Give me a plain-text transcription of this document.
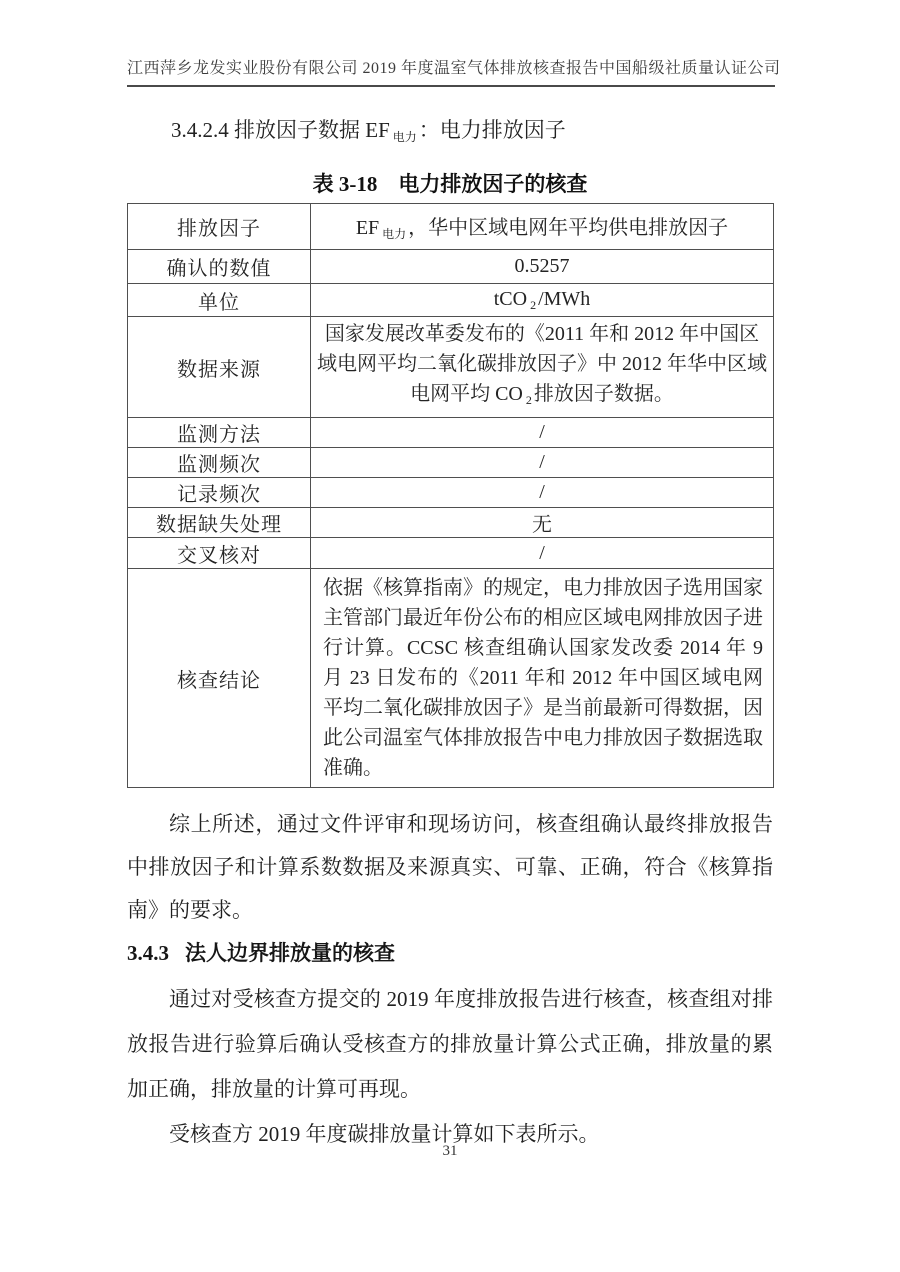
江西萍乡龙发实业股份有限公司 2019 年度温室气体排放核查报告中国船级社质量认证公司
3.4.2.4 排放因子数据 EF $_{电力}$：电力排放因子
表 3-18　电力排放因子的核查
排放因子	EF $_{电力}$ ，华中区域电网年平均供电排放因子
确认的数值	0.5257
单位	tCO $_2$ /MWh
数据来源	国家发展改革委发布的《2011 年和 2012 年中国区域电网平均二氧化碳排放因子》中 2012 年华中区域电网平均 CO $_2$ 排放因子数据。
监测方法	/
监测频次	/
记录频次	/
数据缺失处理	无
交叉核对	/
核查结论	依据《核算指南》的规定，电力排放因子选用国家主管部门最近年份公布的相应区域电网排放因子进行计算。CCSC 核查组确认国家发改委 2014 年 9 月 23 日发布的《2011 年和 2012 年中国区域电网平均二氧化碳排放因子》是当前最新可得数据，因此公司温室气体排放报告中电力排放因子数据选取准确。
综上所述，通过文件评审和现场访问，核查组确认最终排放报告中排放因子和计算系数数据及来源真实、可靠、正确，符合《核算指南》的要求。
3.4.3 法人边界排放量的核查
通过对受核查方提交的 2019 年度排放报告进行核查，核查组对排放报告进行验算后确认受核查方的排放量计算公式正确，排放量的累加正确，排放量的计算可再现。
受核查方 2019 年度碳排放量计算如下表所示。
31
